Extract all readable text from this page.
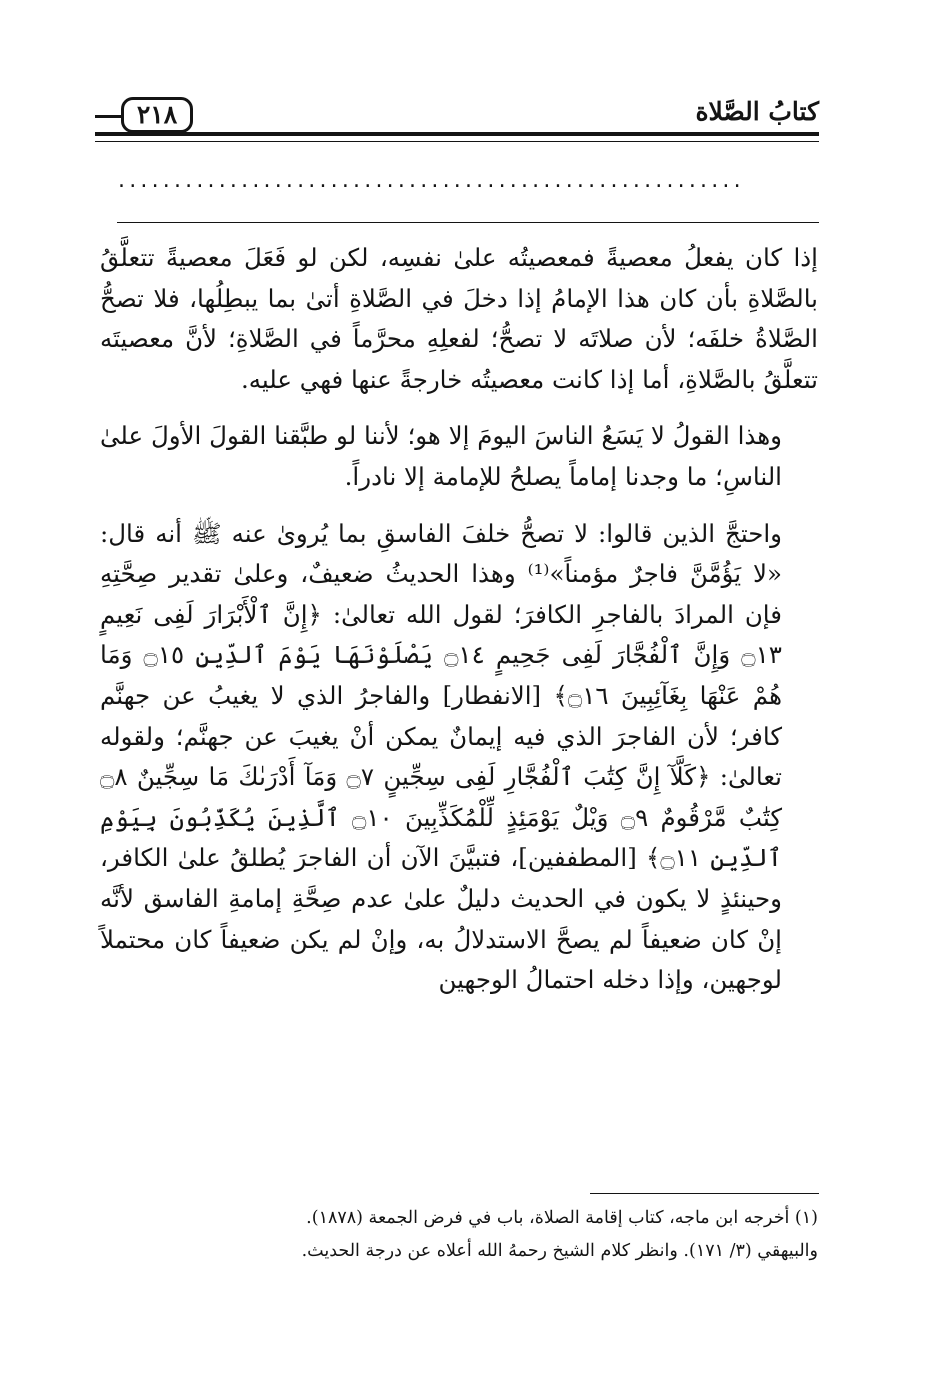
٢١٨	كتابُ الصَّلاة
........................................................

إذا كان يفعلُ معصيةً فمعصيتُه علىٰ نفسِه، لكن لو فَعَلَ معصيةً تتعلَّقُ بالصَّلاةِ بأن كان هذا الإمامُ إذا دخلَ في الصَّلاةِ أتىٰ بما يبطِلُها، فلا تصحُّ الصَّلاةُ خلفَه؛ لأن صلاتَه لا تصحُّ؛ لفعلِهِ محرَّماً في الصَّلاةِ؛ لأنَّ معصيتَه تتعلَّقُ بالصَّلاةِ، أما إذا كانت معصيتُه خارجةً عنها فهي عليه.

وهذا القولُ لا يَسَعُ الناسَ اليومَ إلا هو؛ لأننا لو طبَّقنا القولَ الأولَ علىٰ الناسِ؛ ما وجدنا إماماً يصلحُ للإمامة إلا نادراً.

واحتجَّ الذين قالوا: لا تصحُّ خلفَ الفاسقِ بما يُروىٰ عنه ﷺ أنه قال: «لا يَؤُمَّنَّ فاجرٌ مؤمناً»⁽¹⁾ وهذا الحديثُ ضعيفٌ، وعلىٰ تقدير صِحَّتِهِ فإن المرادَ بالفاجرِ الكافرَ؛ لقول الله تعالىٰ: ﴿إِنَّ ٱلْأَبْرَارَ لَفِى نَعِيمٍ ۝١٣ وَإِنَّ ٱلْفُجَّارَ لَفِى جَحِيمٍ ۝١٤ يَصْلَوْنَهَا يَوْمَ ٱلدِّينِ ۝١٥ وَمَا هُمْ عَنْهَا بِغَآئِبِينَ ۝١٦﴾ [الانفطار] والفاجرُ الذي لا يغيبُ عن جهنَّم كافر؛ لأن الفاجرَ الذي فيه إيمانٌ يمكن أنْ يغيبَ عن جهنَّم؛ ولقوله تعالىٰ: ﴿كَلَّآ إِنَّ كِتَٰبَ ٱلْفُجَّارِ لَفِى سِجِّينٍ ۝٧ وَمَآ أَدْرَىٰكَ مَا سِجِّينٌ ۝٨ كِتَٰبٌ مَّرْقُومٌ ۝٩ وَيْلٌ يَوْمَئِذٍ لِّلْمُكَذِّبِينَ ۝١٠ ٱلَّذِينَ يُكَذِّبُونَ بِيَوْمِ ٱلدِّينِ ۝١١﴾ [المطففين]، فتبيَّنَ الآن أن الفاجرَ يُطلقُ علىٰ الكافر، وحينئذٍ لا يكون في الحديث دليلٌ علىٰ عدم صِحَّةِ إمامةِ الفاسق لأنَّه إنْ كان ضعيفاً لم يصحَّ الاستدلالُ به، وإنْ لم يكن ضعيفاً كان محتملاً لوجهين، وإذا دخله احتمالُ الوجهين

(١) أخرجه ابن ماجه، كتاب إقامة الصلاة، باب في فرض الجمعة (١٨٧٨).

والبيهقي (٣/ ١٧١). وانظر كلام الشيخ رحمهُ الله أعلاه عن درجة الحديث.
